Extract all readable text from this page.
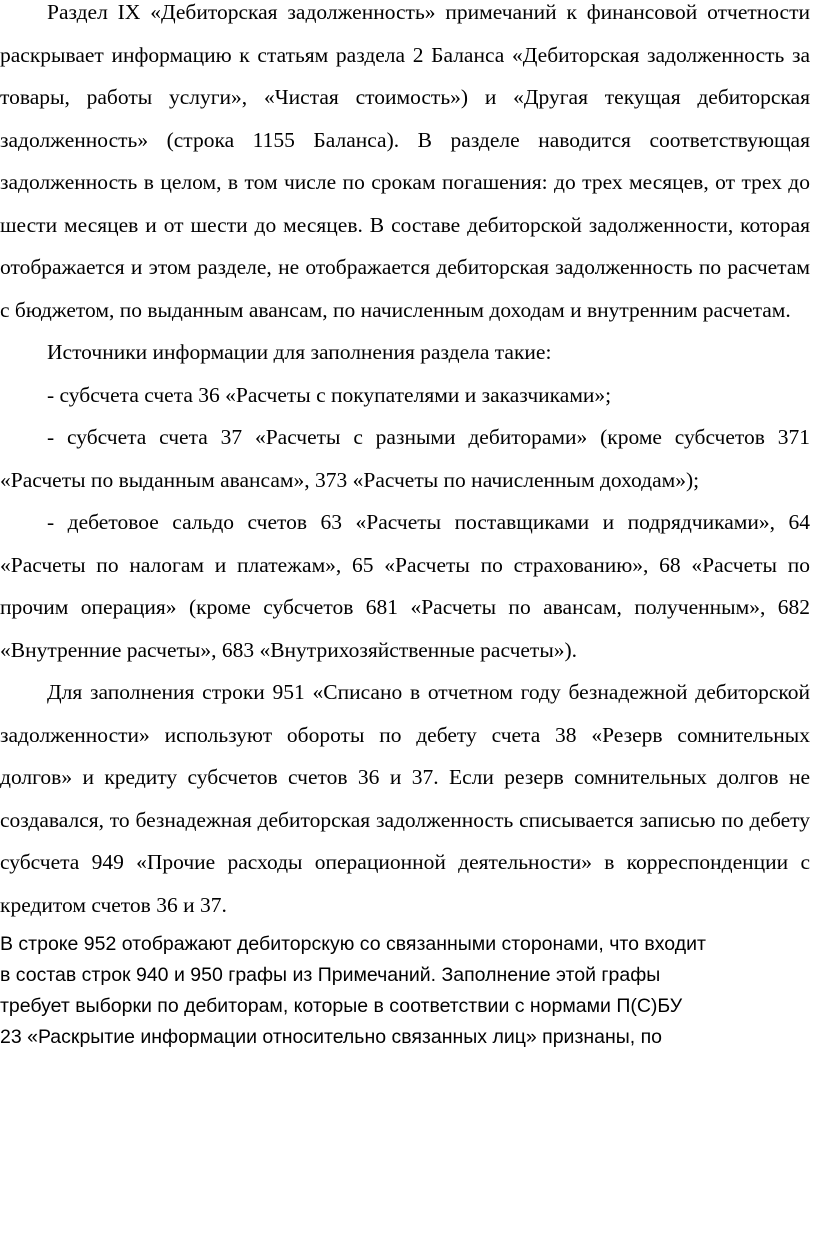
Раздел IX «Дебиторская задолженность» примечаний к финансовой отчетности раскрывает информацию к статьям раздела 2 Баланса «Дебиторская задолженность за товары, работы услуги», «Чистая стоимость») и «Другая текущая дебиторская задолженность» (строка 1155 Баланса). В разделе наводится соответствующая задолженность в целом, в том числе по срокам погашения: до трех месяцев, от трех до шести месяцев и от шести до месяцев. В составе дебиторской задолженности, которая отображается и этом разделе, не отображается дебиторская задолженность по расчетам с бюджетом, по выданным авансам, по начисленным доходам и внутренним расчетам.

Источники информации для заполнения раздела такие:

- субсчета счета 36 «Расчеты с покупателями и заказчиками»;

- субсчета счета 37 «Расчеты с разными дебиторами» (кроме субсчетов 371 «Расчеты по выданным авансам», 373 «Расчеты по начисленным доходам»);

- дебетовое сальдо счетов 63 «Расчеты поставщиками и подрядчиками», 64 «Расчеты по налогам и платежам», 65 «Расчеты по страхованию», 68 «Расчеты по прочим операция» (кроме субсчетов 681 «Расчеты по авансам, полученным», 682 «Внутренние расчеты», 683 «Внутрихозяйственные расчеты»).

Для заполнения строки 951 «Списано в отчетном году безнадежной дебиторской задолженности» используют обороты по дебету счета 38 «Резерв сомнительных долгов» и кредиту субсчетов счетов 36 и 37. Если резерв сомнительных долгов не создавался, то безнадежная дебиторская задолженность списывается записью по дебету субсчета 949 «Прочие расходы операционной деятельности» в корреспонденции с кредитом счетов 36 и 37.

В строке 952 отображают дебиторскую со связанными сторонами, что входит

в состав строк 940 и 950 графы из Примечаний. Заполнение этой графы

требует выборки по дебиторам, которые в соответствии с нормами П(С)БУ

23 «Раскрытие информации относительно связанных лиц» признаны, по
